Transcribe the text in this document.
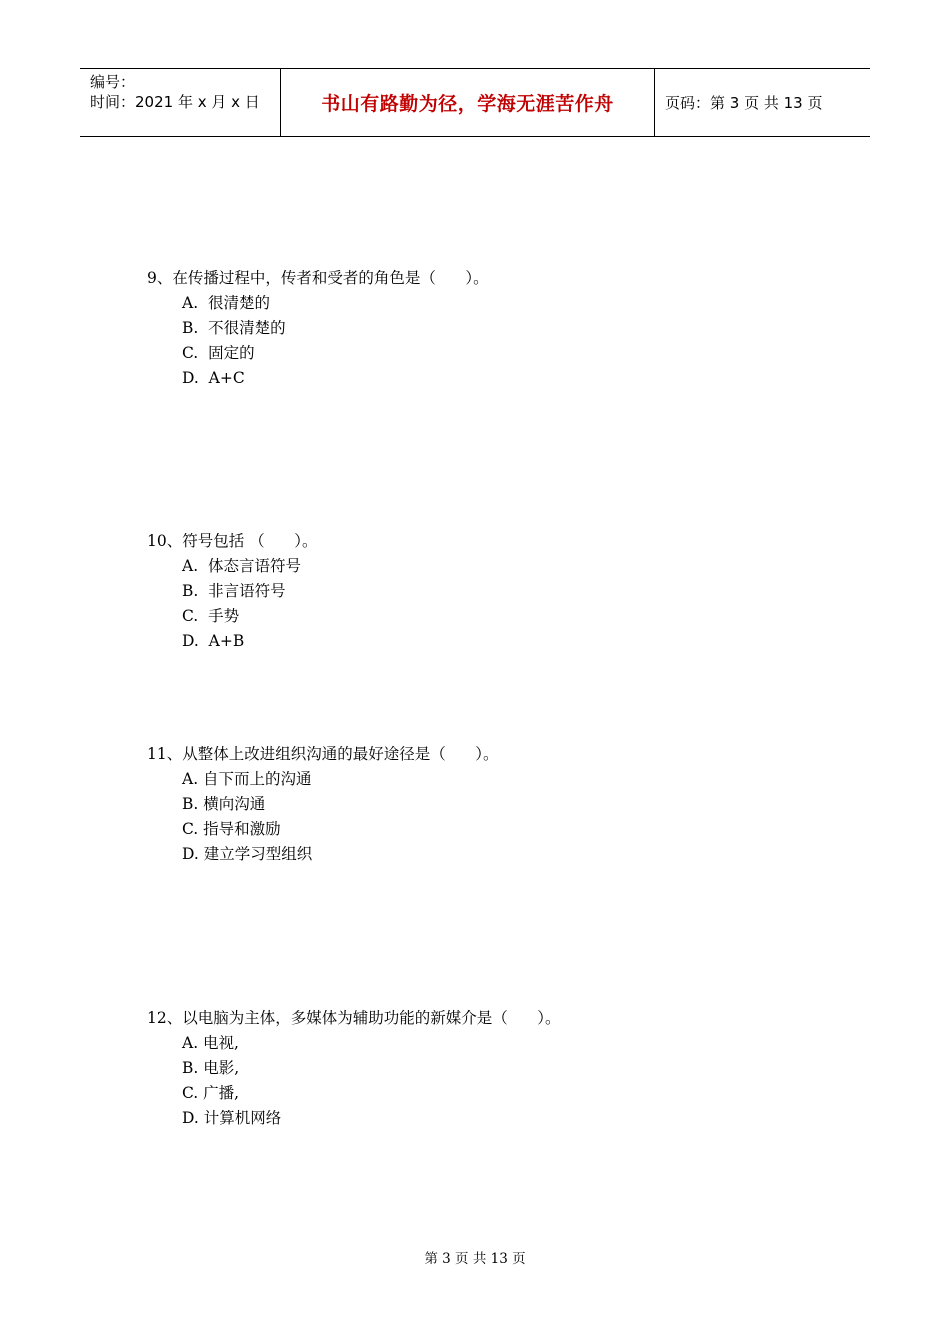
编号：
时间：2021 年 x 月 x 日	书山有路勤为径，学海无涯苦作舟	页码：第 3 页 共 13 页
9、在传播过程中，传者和受者的角色是（      ）。
A.  很清楚的
B.  不很清楚的
C.  固定的
D.  A+C
10、符号包括 （      ）。
A.  体态言语符号
B.  非言语符号
C.  手势
D.  A+B
11、从整体上改进组织沟通的最好途径是（      ）。
A. 自下而上的沟通
B. 横向沟通
C. 指导和激励
D. 建立学习型组织
12、以电脑为主体，多媒体为辅助功能的新媒介是（      ）。
A. 电视,
B. 电影,
C. 广播,
D. 计算机网络
第 3 页 共 13 页
